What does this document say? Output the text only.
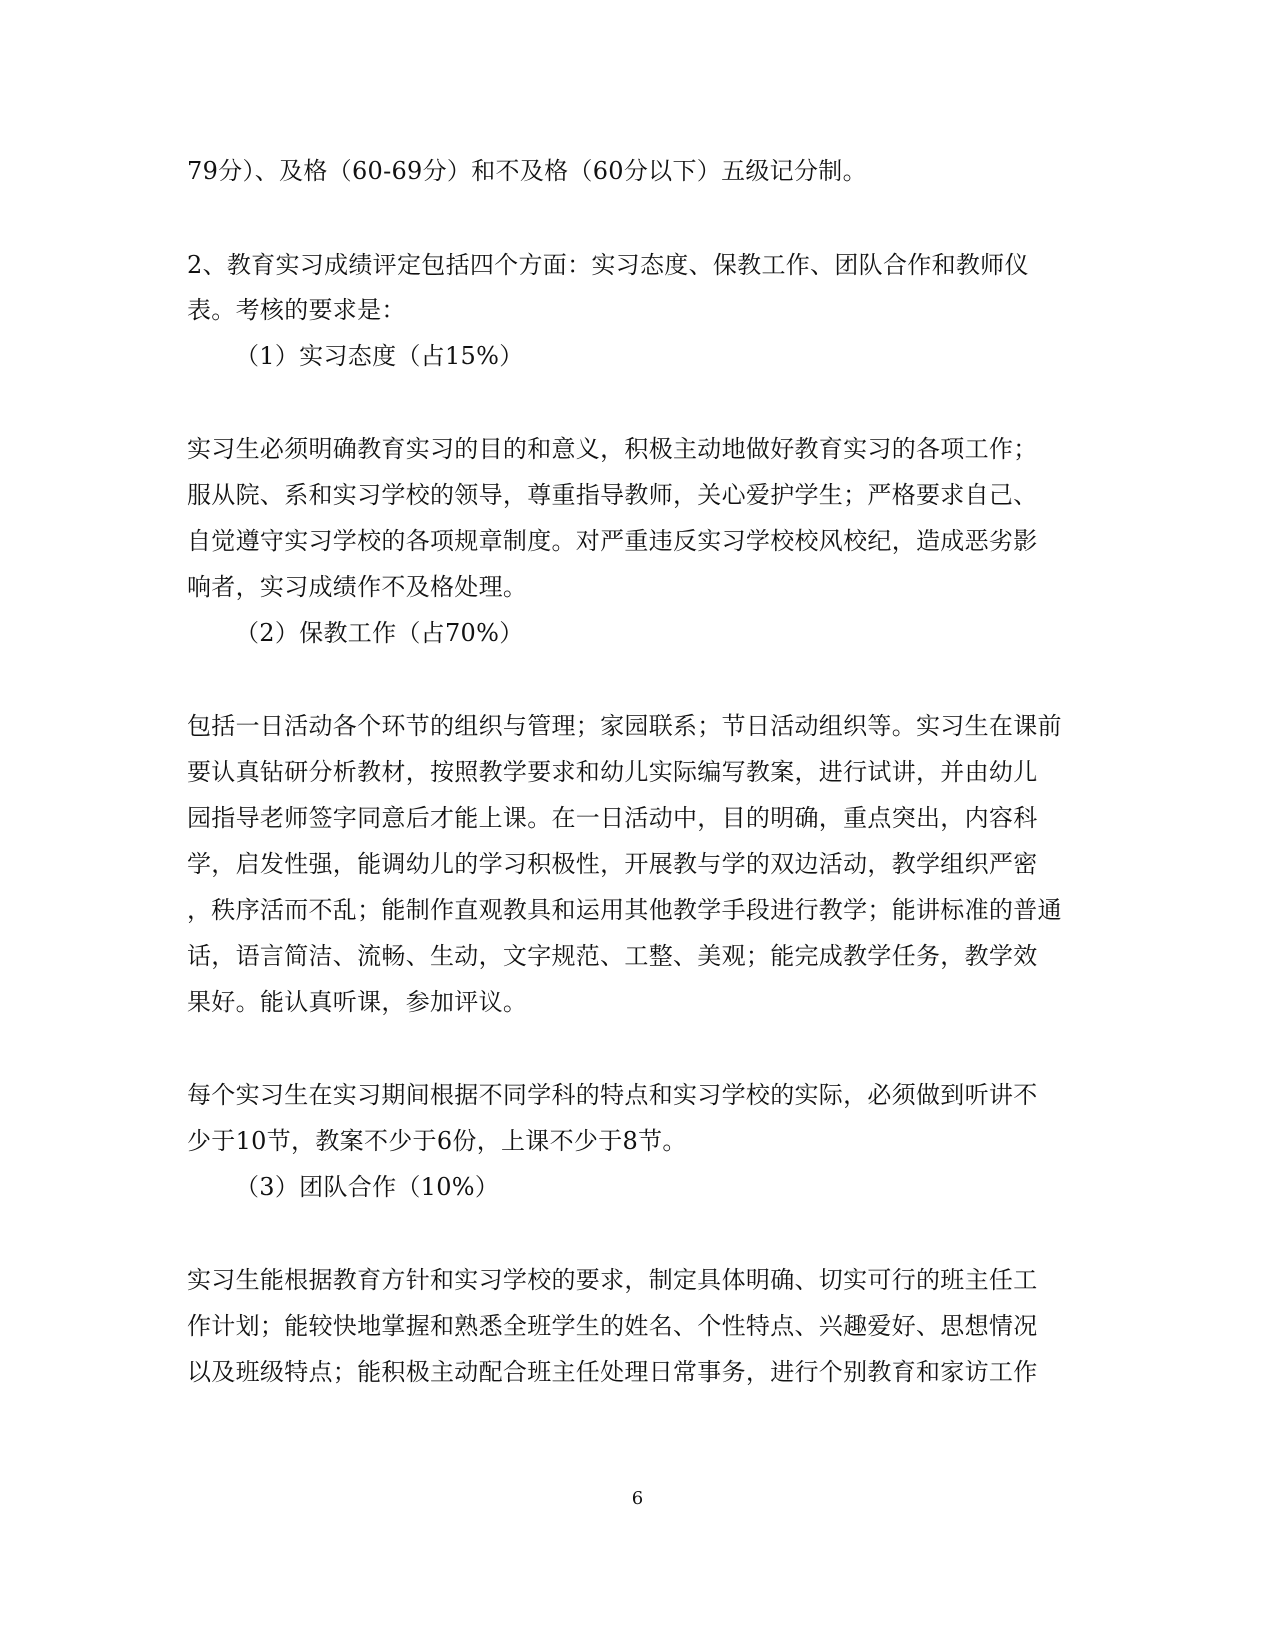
79分）、及格（60-69分）和不及格（60分以下）五级记分制。
2、教育实习成绩评定包括四个方面：实习态度、保教工作、团队合作和教师仪
表。考核的要求是：
（1）实习态度（占15%）
实习生必须明确教育实习的目的和意义，积极主动地做好教育实习的各项工作；
服从院、系和实习学校的领导，尊重指导教师，关心爱护学生；严格要求自己、
自觉遵守实习学校的各项规章制度。对严重违反实习学校校风校纪，造成恶劣影
响者，实习成绩作不及格处理。
（2）保教工作（占70%）
包括一日活动各个环节的组织与管理；家园联系；节日活动组织等。实习生在课前
要认真钻研分析教材，按照教学要求和幼儿实际编写教案，进行试讲，并由幼儿
园指导老师签字同意后才能上课。在一日活动中，目的明确，重点突出，内容科
学，启发性强，能调幼儿的学习积极性，开展教与学的双边活动，教学组织严密
，秩序活而不乱；能制作直观教具和运用其他教学手段进行教学；能讲标准的普通
话，语言简洁、流畅、生动，文字规范、工整、美观；能完成教学任务，教学效
果好。能认真听课，参加评议。
每个实习生在实习期间根据不同学科的特点和实习学校的实际，必须做到听讲不
少于10节，教案不少于6份，上课不少于8节。
（3）团队合作（10%）
实习生能根据教育方针和实习学校的要求，制定具体明确、切实可行的班主任工
作计划；能较快地掌握和熟悉全班学生的姓名、个性特点、兴趣爱好、思想情况
以及班级特点；能积极主动配合班主任处理日常事务，进行个别教育和家访工作
6
